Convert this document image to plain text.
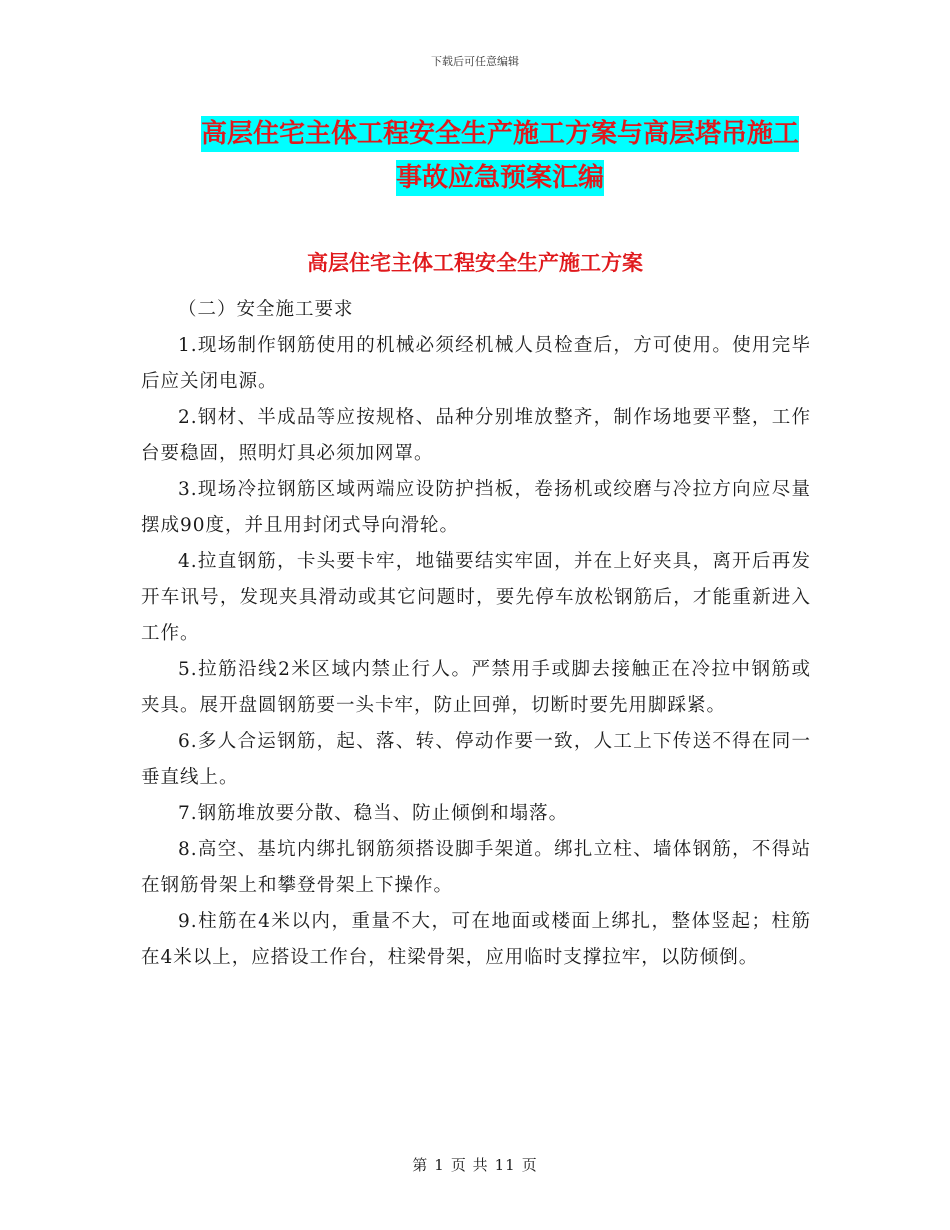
下载后可任意编辑
高层住宅主体工程安全生产施工方案与高层塔吊施工
事故应急预案汇编
高层住宅主体工程安全生产施工方案

（二）安全施工要求

1.现场制作钢筋使用的机械必须经机械人员检查后，方可使用。使用完毕后应关闭电源。

2.钢材、半成品等应按规格、品种分别堆放整齐，制作场地要平整，工作台要稳固，照明灯具必须加网罩。

3.现场冷拉钢筋区域两端应设防护挡板，卷扬机或绞磨与冷拉方向应尽量摆成90度，并且用封闭式导向滑轮。

4.拉直钢筋，卡头要卡牢，地锚要结实牢固，并在上好夹具，离开后再发开车讯号，发现夹具滑动或其它问题时，要先停车放松钢筋后，才能重新进入工作。

5.拉筋沿线2米区域内禁止行人。严禁用手或脚去接触正在冷拉中钢筋或夹具。展开盘圆钢筋要一头卡牢，防止回弹，切断时要先用脚踩紧。

6.多人合运钢筋，起、落、转、停动作要一致，人工上下传送不得在同一垂直线上。

7.钢筋堆放要分散、稳当、防止倾倒和塌落。

8.高空、基坑内绑扎钢筋须搭设脚手架道。绑扎立柱、墙体钢筋，不得站在钢筋骨架上和攀登骨架上下操作。

9.柱筋在4米以内，重量不大，可在地面或楼面上绑扎，整体竖起；柱筋在4米以上，应搭设工作台，柱梁骨架，应用临时支撑拉牢，以防倾倒。

第 1 页 共 11 页
